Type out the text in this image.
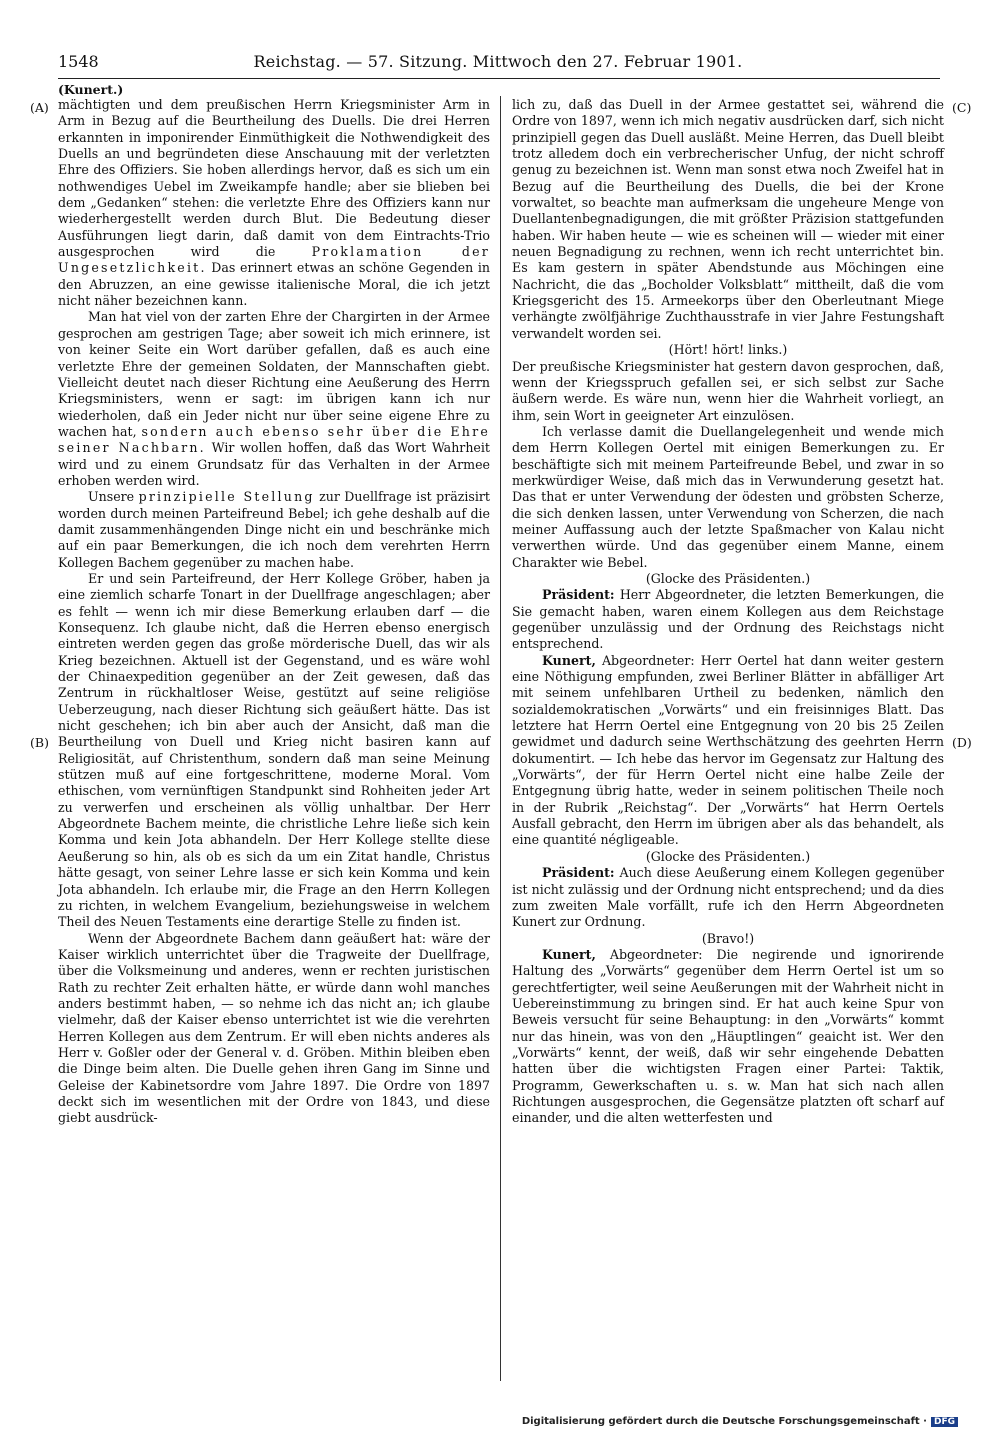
1548	Reichstag. — 57. Sitzung. Mittwoch den 27. Februar 1901.
(Kunert.)
(A)
(B)
(C)
(D)

mächtigten und dem preußischen Herrn Kriegsminister Arm in Arm in Bezug auf die Beurtheilung des Duells. Die drei Herren erkannten in imponirender Einmüthigkeit die Nothwendigkeit des Duells an und begründeten diese Anschauung mit der verletzten Ehre des Offiziers. Sie hoben allerdings hervor, daß es sich um ein nothwendiges Uebel im Zweikampfe handle; aber sie blieben bei dem „Gedanken“ stehen: die verletzte Ehre des Offiziers kann nur wiederhergestellt werden durch Blut. Die Bedeutung dieser Ausführungen liegt darin, daß damit von dem Eintrachts-Trio ausgesprochen wird die	Proklamation der Ungesetzlichkeit. Das erinnert etwas an schöne Gegenden in den Abruzzen, an eine gewisse italienische Moral, die ich jetzt nicht näher bezeichnen kann.

Man hat viel von der zarten Ehre der Chargirten in der Armee gesprochen am gestrigen Tage; aber soweit ich mich erinnere, ist von keiner Seite ein Wort darüber gefallen, daß es auch eine verletzte Ehre der gemeinen Soldaten, der Mannschaften giebt. Vielleicht deutet nach dieser Richtung eine Aeußerung des Herrn Kriegsministers, wenn er sagt: im übrigen kann ich nur wiederholen, daß ein Jeder nicht nur über seine eigene Ehre zu wachen hat, sondern auch ebenso sehr über die Ehre seiner Nachbarn. Wir wollen hoffen, daß das Wort Wahrheit wird und zu einem Grundsatz für das Verhalten in der Armee erhoben werden wird.

Unsere prinzipielle Stellung zur Duellfrage ist präzisirt worden durch meinen Parteifreund Bebel; ich gehe deshalb auf die damit zusammenhängenden Dinge nicht ein und beschränke mich auf ein paar Bemerkungen, die ich noch dem verehrten Herrn Kollegen Bachem gegenüber zu machen habe.

Er und sein Parteifreund, der Herr Kollege Gröber, haben ja eine ziemlich scharfe Tonart in der Duellfrage angeschlagen; aber es fehlt — wenn ich mir diese Bemerkung erlauben darf — die Konsequenz. Ich glaube nicht, daß die Herren ebenso energisch eintreten werden gegen das große mörderische Duell, das wir als Krieg bezeichnen. Aktuell ist der Gegenstand, und es wäre wohl der Chinaexpedition gegenüber an der Zeit gewesen, daß das Zentrum in rückhaltloser Weise, gestützt auf seine religiöse Ueberzeugung, nach dieser Richtung sich geäußert hätte. Das ist nicht geschehen; ich bin aber auch der Ansicht, daß man die Beurtheilung von Duell und Krieg nicht basiren kann auf Religiosität, auf Christenthum, sondern daß man seine Meinung stützen muß auf eine fortgeschrittene, moderne Moral. Vom ethischen, vom vernünftigen Standpunkt sind Rohheiten jeder Art zu verwerfen und erscheinen als völlig unhaltbar. Der Herr Abgeordnete Bachem meinte, die christliche Lehre ließe sich kein Komma und kein Jota abhandeln. Der Herr Kollege stellte diese Aeußerung so hin, als ob es sich da um ein Zitat handle, Christus hätte gesagt, von seiner Lehre lasse er sich kein Komma und kein Jota abhandeln. Ich erlaube mir, die Frage an den Herrn Kollegen zu richten, in welchem Evangelium, beziehungsweise in welchem Theil des Neuen Testaments eine derartige Stelle zu finden ist.

Wenn der Abgeordnete Bachem dann geäußert hat: wäre der Kaiser wirklich unterrichtet über die Tragweite der Duellfrage, über die Volksmeinung und anderes, wenn er rechten juristischen Rath zu rechter Zeit erhalten hätte, er würde dann wohl manches anders bestimmt haben, — so nehme ich das nicht an; ich glaube vielmehr, daß der Kaiser ebenso unterrichtet ist wie die verehrten Herren Kollegen aus dem Zentrum. Er will eben nichts anderes als Herr v. Goßler oder der General v. d. Gröben. Mithin bleiben eben die Dinge beim alten. Die Duelle gehen ihren Gang im Sinne und Geleise der Kabinetsordre vom Jahre 1897. Die Ordre von 1897 deckt sich im wesentlichen mit der Ordre von 1843, und diese giebt ausdrück-

lich zu, daß das Duell in der Armee gestattet sei, während die Ordre von 1897, wenn ich mich negativ ausdrücken darf, sich nicht prinzipiell gegen das Duell ausläßt. Meine Herren, das Duell bleibt trotz alledem doch ein verbrecherischer Unfug, der nicht schroff genug zu bezeichnen ist. Wenn man sonst etwa noch Zweifel hat in Bezug auf die Beurtheilung des Duells, die bei der Krone vorwaltet, so beachte man aufmerksam die ungeheure Menge von Duellantenbegnadigungen, die mit größter Präzision stattgefunden haben. Wir haben heute — wie es scheinen will — wieder mit einer neuen Begnadigung zu rechnen, wenn ich recht unterrichtet bin. Es kam gestern in später Abendstunde aus Möchingen eine Nachricht, die das „Bocholder Volksblatt“ mittheilt, daß die vom Kriegsgericht des 15. Armeekorps über den Oberleutnant Miege verhängte zwölfjährige Zuchthausstrafe in vier Jahre Festungshaft verwandelt worden sei.

(Hört! hört! links.)

Der preußische Kriegsminister hat gestern davon gesprochen, daß, wenn der Kriegsspruch gefallen sei, er sich selbst zur Sache äußern werde. Es wäre nun, wenn hier die Wahrheit vorliegt, an ihm, sein Wort in geeigneter Art einzulösen.

Ich verlasse damit die Duellangelegenheit und wende mich dem Herrn Kollegen Oertel mit einigen Bemerkungen zu. Er beschäftigte sich mit meinem Parteifreunde Bebel, und zwar in so merkwürdiger Weise, daß mich das in Verwunderung gesetzt hat. Das that er unter Verwendung der ödesten und gröbsten Scherze, die sich denken lassen, unter Verwendung von Scherzen, die nach meiner Auffassung auch der letzte Spaßmacher von Kalau nicht verwerthen würde. Und das gegenüber einem Manne, einem Charakter wie Bebel.

(Glocke des Präsidenten.)

Präsident: Herr Abgeordneter, die letzten Bemerkungen, die Sie gemacht haben, waren einem Kollegen aus dem Reichstage gegenüber unzulässig und der Ordnung des Reichstags nicht entsprechend.

Kunert, Abgeordneter: Herr Oertel hat dann weiter gestern eine Nöthigung empfunden, zwei Berliner Blätter in abfälliger Art mit seinem unfehlbaren Urtheil zu bedenken, nämlich den sozialdemokratischen „Vorwärts“ und ein freisinniges Blatt. Das letztere hat Herrn Oertel eine Entgegnung von 20 bis 25 Zeilen gewidmet und dadurch seine Werthschätzung des geehrten Herrn dokumentirt. — Ich hebe das hervor im Gegensatz zur Haltung des „Vorwärts“, der für Herrn Oertel nicht eine halbe Zeile der Entgegnung übrig hatte, weder in seinem politischen Theile noch in der Rubrik „Reichstag“. Der „Vorwärts“ hat Herrn Oertels Ausfall gebracht, den Herrn im übrigen aber als das behandelt, als eine quantité négligeable.

(Glocke des Präsidenten.)

Präsident: Auch diese Aeußerung einem Kollegen gegenüber ist nicht zulässig und der Ordnung nicht entsprechend; und da dies zum zweiten Male vorfällt, rufe ich den Herrn Abgeordneten Kunert zur Ordnung.

(Bravo!)

Kunert, Abgeordneter: Die negirende und ignorirende Haltung des „Vorwärts“ gegenüber dem Herrn Oertel ist um so gerechtfertigter, weil seine Aeußerungen mit der Wahrheit nicht in Uebereinstimmung zu bringen sind. Er hat auch keine Spur von Beweis versucht für seine Behauptung: in den „Vorwärts“ kommt nur das hinein, was von den „Häuptlingen“ geaicht ist. Wer den „Vorwärts“ kennt, der weiß, daß wir sehr eingehende Debatten hatten über die wichtigsten Fragen einer Partei: Taktik, Programm, Gewerkschaften u. s. w. Man hat sich nach allen Richtungen ausgesprochen, die Gegensätze platzten oft scharf auf einander, und die alten wetterfesten und

Digitalisierung gefördert durch die Deutsche Forschungsgemeinschaft · DFG
